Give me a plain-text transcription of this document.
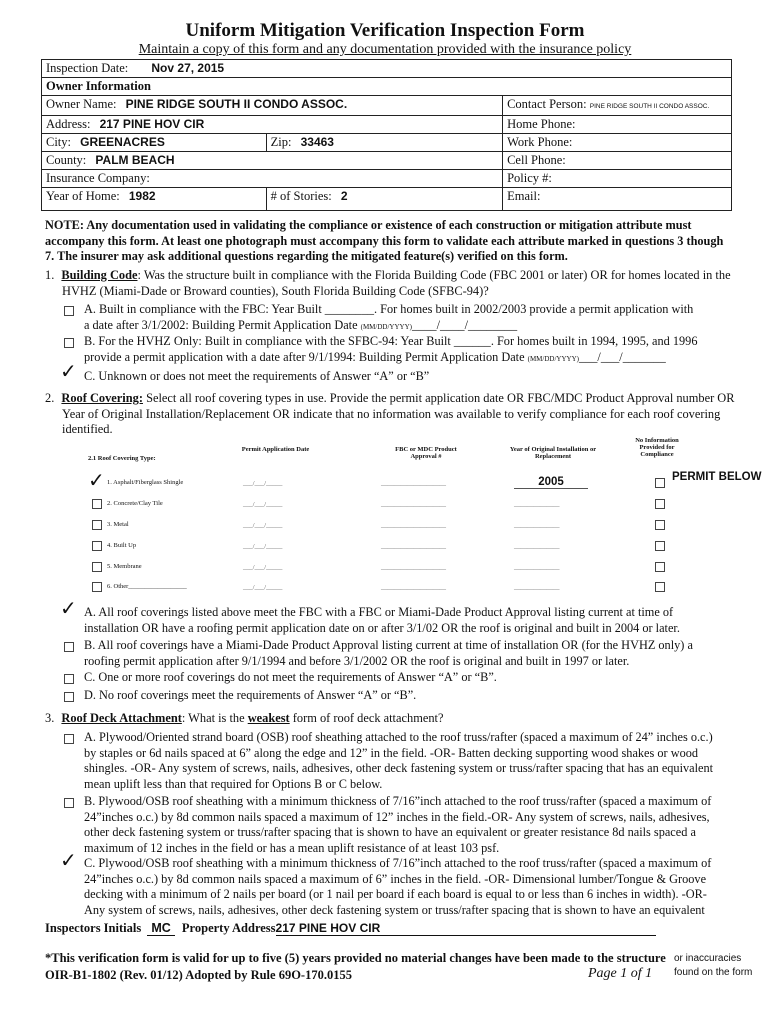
Uniform Mitigation Verification Inspection Form
Maintain a copy of this form and any documentation provided with the insurance policy
Inspection Date: Nov 27, 2015		
Owner Information		
Owner Name: PINE RIDGE SOUTH II CONDO ASSOC.		Contact Person: PINE RIDGE SOUTH II CONDO ASSOC.
Address: 217 PINE HOV CIR		Home Phone:
City: GREENACRES	Zip: 33463	Work Phone:
County: PALM BEACH		Cell Phone:
Insurance Company:		Policy #:
Year of Home: 1982	# of Stories: 2	Email:
NOTE: Any documentation used in validating the compliance or existence of each construction or mitigation attribute must accompany this form. At least one photograph must accompany this form to validate each attribute marked in questions 3 though 7. The insurer may ask additional questions regarding the mitigated feature(s) verified on this form.
1. Building Code: Was the structure built in compliance with the Florida Building Code (FBC 2001 or later) OR for homes located in the HVHZ (Miami-Dade or Broward counties), South Florida Building Code (SFBC-94)?
A. Built in compliance with the FBC: Year Built ________. For homes built in 2002/2003 provide a permit application with
a date after 3/1/2002: Building Permit Application Date (MM/DD/YYYY)____/____/________
B. For the HVHZ Only: Built in compliance with the SFBC-94: Year Built ______. For homes built in 1994, 1995, and 1996
provide a permit application with a date after 9/1/1994: Building Permit Application Date (MM/DD/YYYY)___/___/_______
✓ C. Unknown or does not meet the requirements of Answer “A” or “B”
2. Roof Covering: Select all roof covering types in use. Provide the permit application date OR FBC/MDC Product Approval number OR Year of Original Installation/Replacement OR indicate that no information was available to verify compliance for each roof covering identified.
2.1 Roof Covering Type:
Permit Application Date	FBC or MDC Product Approval #
Year of Original Installation or Replacement
No Information Provided for Compliance
✓ 1. Asphalt/Fiberglass Shingle	___/___/_____	____________________	2005
2. Concrete/Clay Tile	___/___/_____	____________________	______________
3. Metal	___/___/_____	____________________	______________
4. Built Up	___/___/_____	____________________	______________
5. Membrane	___/___/_____	____________________	______________
6. Other__________________	___/___/_____	____________________	______________
PERMIT BELOW
✓ A. All roof coverings listed above meet the FBC with a FBC or Miami-Dade Product Approval listing current at time of
installation OR have a roofing permit application date on or after 3/1/02 OR the roof is original and built in 2004 or later.
B. All roof coverings have a Miami-Dade Product Approval listing current at time of installation OR (for the HVHZ only) a
roofing permit application after 9/1/1994 and before 3/1/2002 OR the roof is original and built in 1997 or later.
C. One or more roof coverings do not meet the requirements of Answer “A” or “B”.
D. No roof coverings meet the requirements of Answer “A” or “B”.
3. Roof Deck Attachment: What is the weakest form of roof deck attachment?
A. Plywood/Oriented strand board (OSB) roof sheathing attached to the roof truss/rafter (spaced a maximum of 24” inches o.c.)
by staples or 6d nails spaced at 6” along the edge and 12” in the field. -OR- Batten decking supporting wood shakes or wood
shingles. -OR- Any system of screws, nails, adhesives, other deck fastening system or truss/rafter spacing that has an equivalent
mean uplift less than that required for Options B or C below.
B. Plywood/OSB roof sheathing with a minimum thickness of 7/16”inch attached to the roof truss/rafter (spaced a maximum of
24”inches o.c.) by 8d common nails spaced a maximum of 12” inches in the field.-OR- Any system of screws, nails, adhesives,
other deck fastening system or truss/rafter spacing that is shown to have an equivalent or greater resistance 8d nails spaced a
maximum of 12 inches in the field or has a mean uplift resistance of at least 103 psf.
✓ C. Plywood/OSB roof sheathing with a minimum thickness of 7/16”inch attached to the roof truss/rafter (spaced a maximum of
24”inches o.c.) by 8d common nails spaced a maximum of 6” inches in the field. -OR- Dimensional lumber/Tongue & Groove
decking with a minimum of 2 nails per board (or 1 nail per board if each board is equal to or less than 6 inches in width). -OR-
Any system of screws, nails, adhesives, other deck fastening system or truss/rafter spacing that is shown to have an equivalent
Inspectors Initials MC Property Address217 PINE HOV CIR
*This verification form is valid for up to five (5) years provided no material changes have been made to the structure or inaccuracies
found on the form
OIR-B1-1802 (Rev. 01/12) Adopted by Rule 69O-170.0155	Page 1 of 1
